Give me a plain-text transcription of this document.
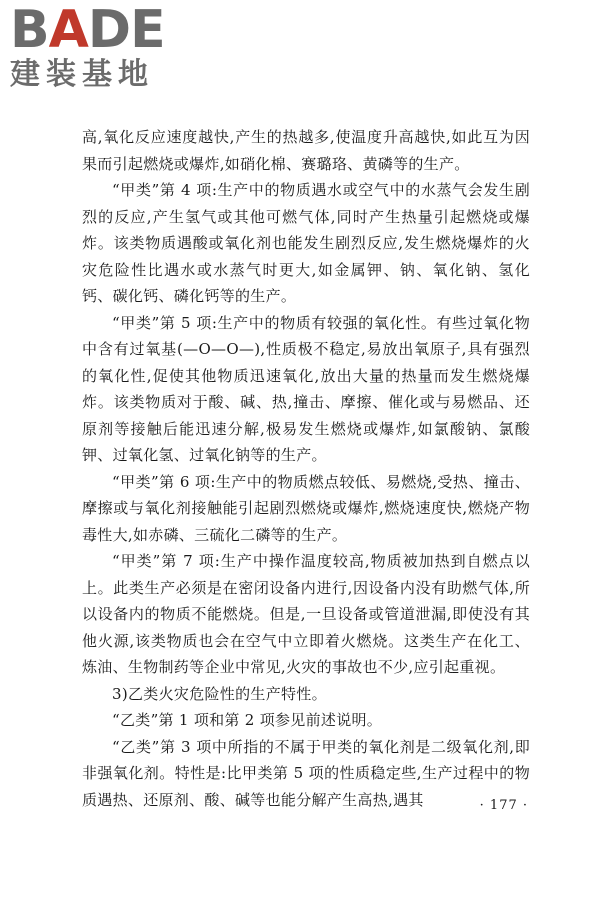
BADE
建装基地

高,氧化反应速度越快,产生的热越多,使温度升高越快,如此互为因果而引起燃烧或爆炸,如硝化棉、赛璐珞、黄磷等的生产。

“甲类”第 4 项:生产中的物质遇水或空气中的水蒸气会发生剧烈的反应,产生氢气或其他可燃气体,同时产生热量引起燃烧或爆炸。该类物质遇酸或氧化剂也能发生剧烈反应,发生燃烧爆炸的火灾危险性比遇水或水蒸气时更大,如金属钾、钠、氧化钠、氢化钙、碳化钙、磷化钙等的生产。

“甲类”第 5 项:生产中的物质有较强的氧化性。有些过氧化物中含有过氧基(—O—O—),性质极不稳定,易放出氧原子,具有强烈的氧化性,促使其他物质迅速氧化,放出大量的热量而发生燃烧爆炸。该类物质对于酸、碱、热,撞击、摩擦、催化或与易燃品、还原剂等接触后能迅速分解,极易发生燃烧或爆炸,如氯酸钠、氯酸钾、过氧化氢、过氧化钠等的生产。

“甲类”第 6 项:生产中的物质燃点较低、易燃烧,受热、撞击、摩擦或与氧化剂接触能引起剧烈燃烧或爆炸,燃烧速度快,燃烧产物毒性大,如赤磷、三硫化二磷等的生产。

“甲类”第 7 项:生产中操作温度较高,物质被加热到自燃点以上。此类生产必须是在密闭设备内进行,因设备内没有助燃气体,所以设备内的物质不能燃烧。但是,一旦设备或管道泄漏,即使没有其他火源,该类物质也会在空气中立即着火燃烧。这类生产在化工、炼油、生物制药等企业中常见,火灾的事故也不少,应引起重视。

3)乙类火灾危险性的生产特性。

“乙类”第 1 项和第 2 项参见前述说明。

“乙类”第 3 项中所指的不属于甲类的氧化剂是二级氧化剂,即非强氧化剂。特性是:比甲类第 5 项的性质稳定些,生产过程中的物质遇热、还原剂、酸、碱等也能分解产生高热,遇其	· 177 ·
